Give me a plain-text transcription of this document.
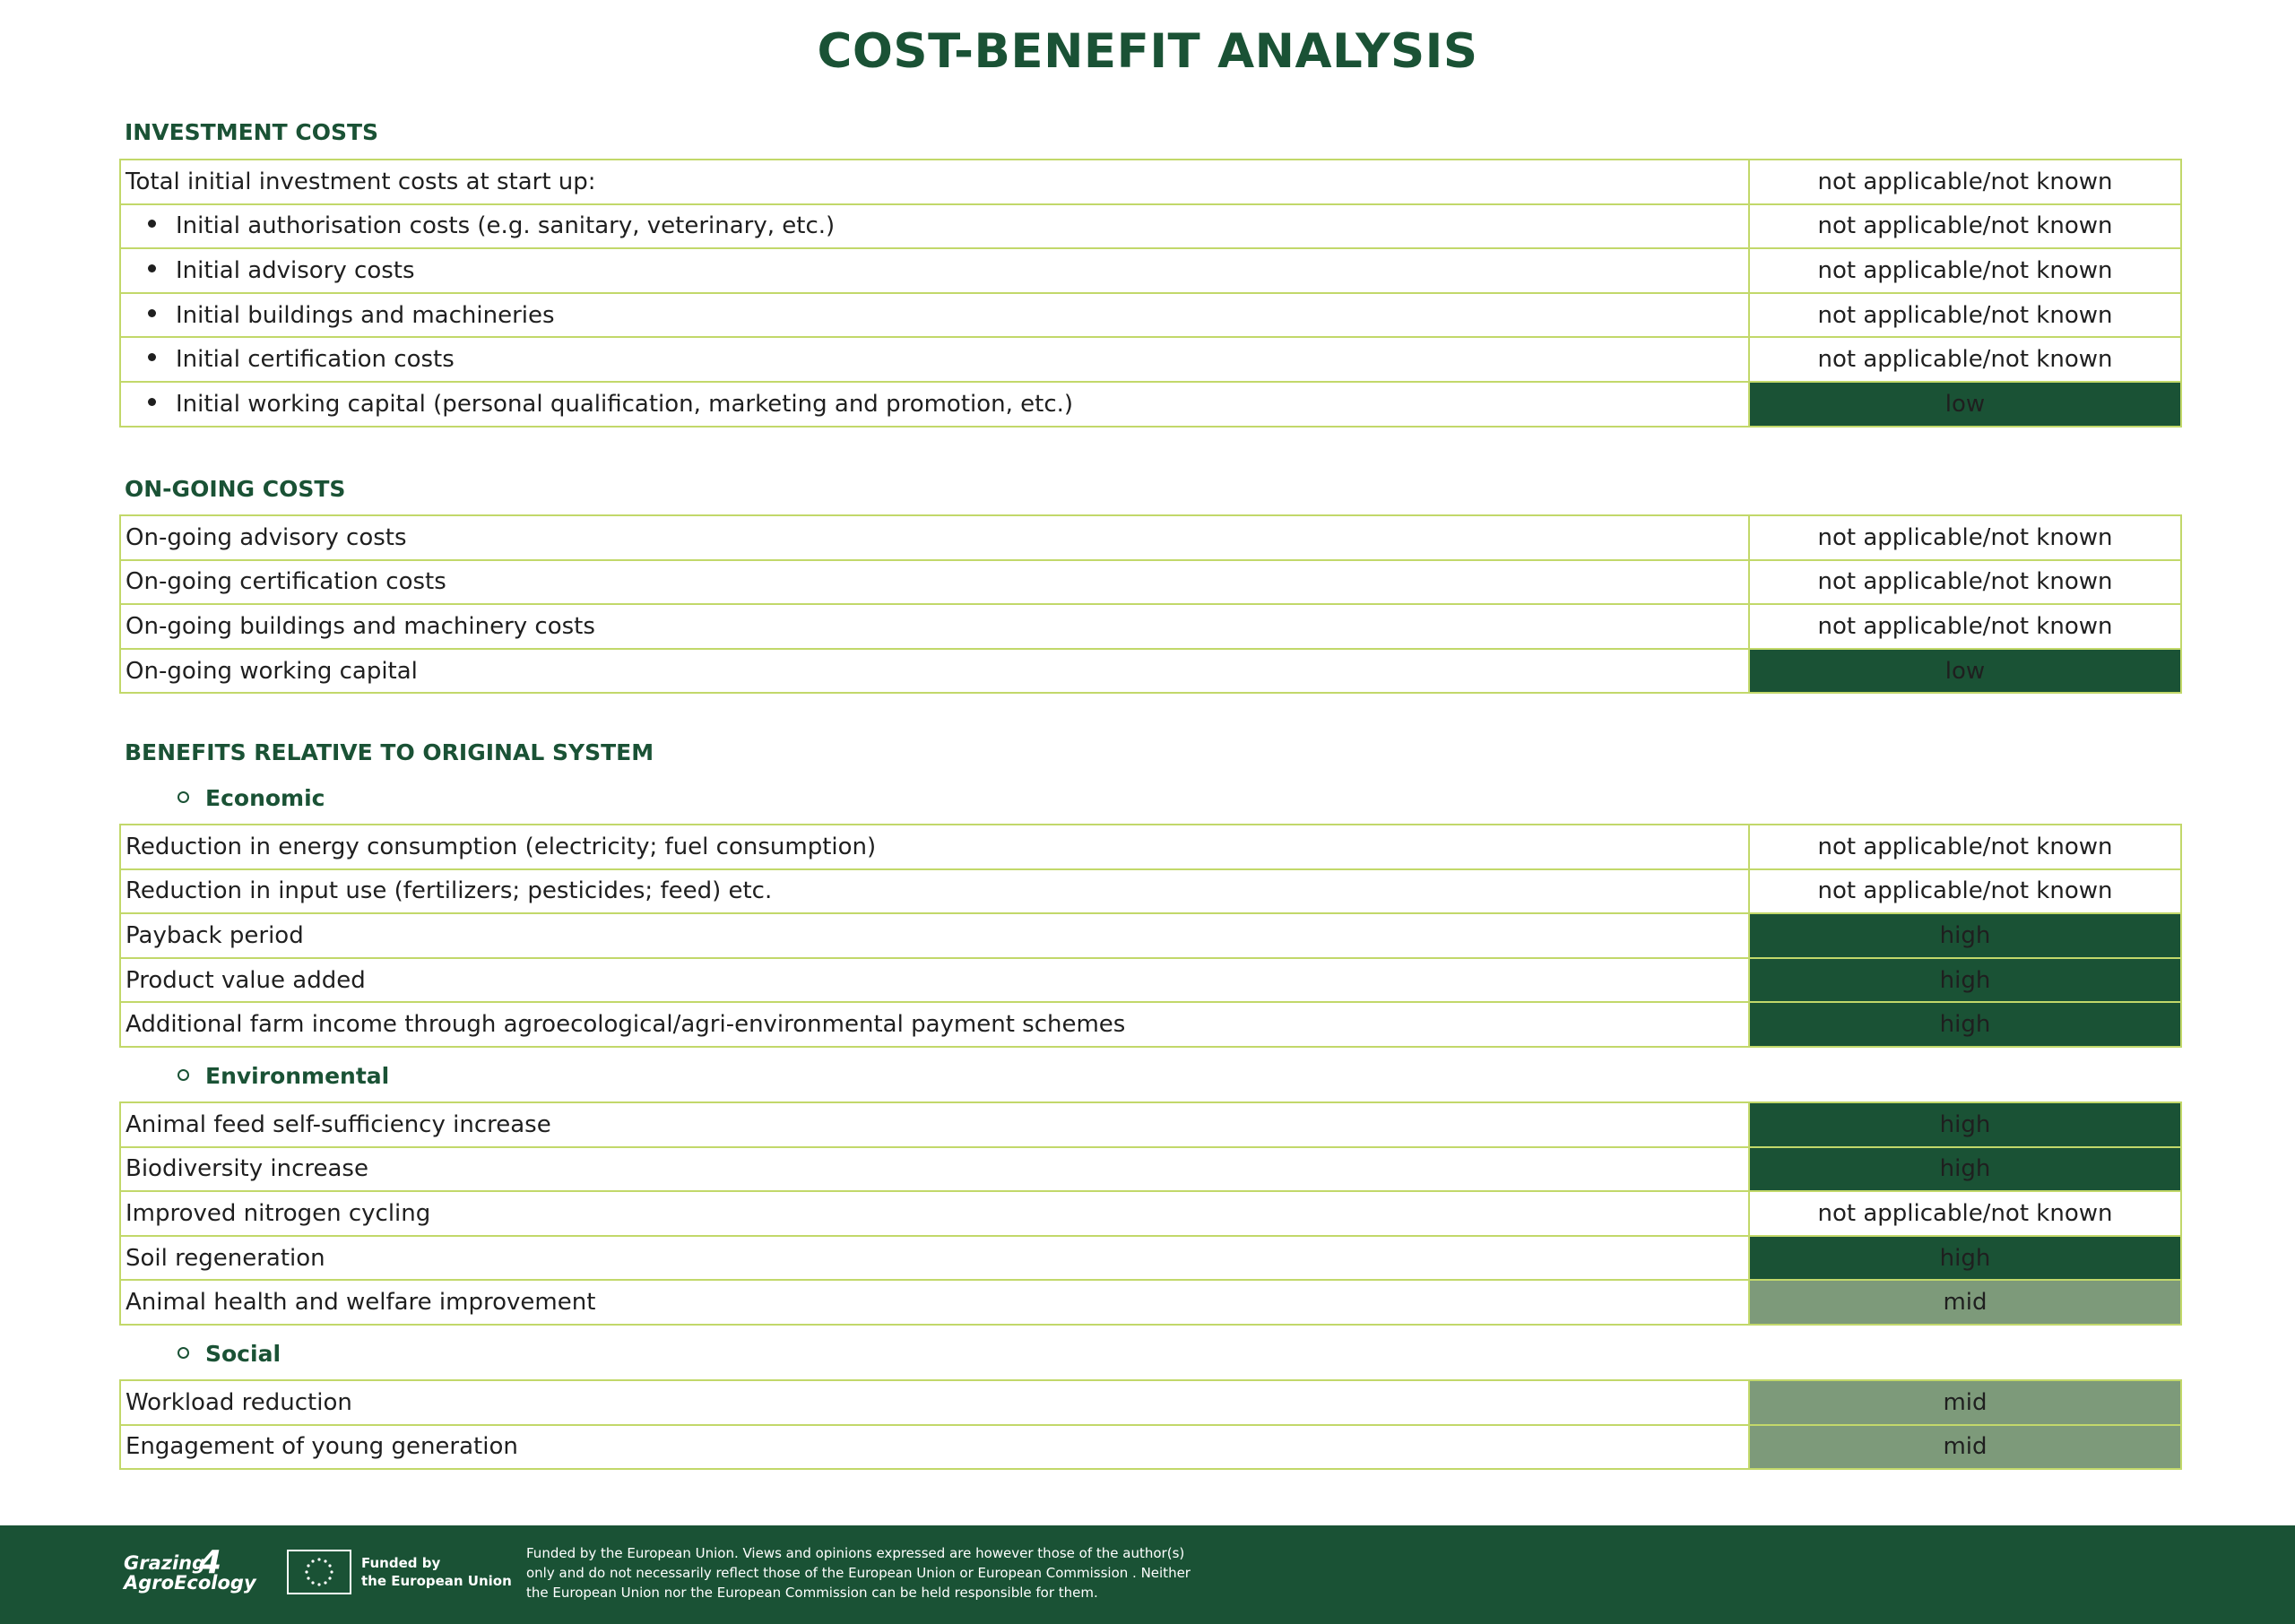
COST-BENEFIT ANALYSIS
INVESTMENT COSTS
Total initial investment costs at start up:	not applicable/not known
Initial authorisation costs (e.g. sanitary, veterinary, etc.)	not applicable/not known
Initial advisory costs	not applicable/not known
Initial buildings and machineries	not applicable/not known
Initial certification costs	not applicable/not known
Initial working capital (personal qualification, marketing and promotion, etc.)	low
ON-GOING COSTS
On-going advisory costs	not applicable/not known
On-going certification costs	not applicable/not known
On-going buildings and machinery costs	not applicable/not known
On-going working capital	low
BENEFITS RELATIVE TO ORIGINAL SYSTEM
Economic
Reduction in energy consumption (electricity; fuel consumption)	not applicable/not known
Reduction in input use (fertilizers; pesticides; feed) etc.	not applicable/not known
Payback period	high
Product value added	high
Additional farm income through agroecological/agri-environmental payment schemes	high
Environmental
Animal feed self-sufficiency increase	high
Biodiversity increase	high
Improved nitrogen cycling	not applicable/not known
Soil regeneration	high
Animal health and welfare improvement	mid
Social
Workload reduction	mid
Engagement of young generation	mid
Grazing
4
AgroEcology
Funded by
the European Union
Funded by the European Union. Views and opinions expressed are however those of the author(s)
only and do not necessarily reflect those of the European Union or European Commission . Neither
the European Union nor the European Commission can be held responsible for them.
